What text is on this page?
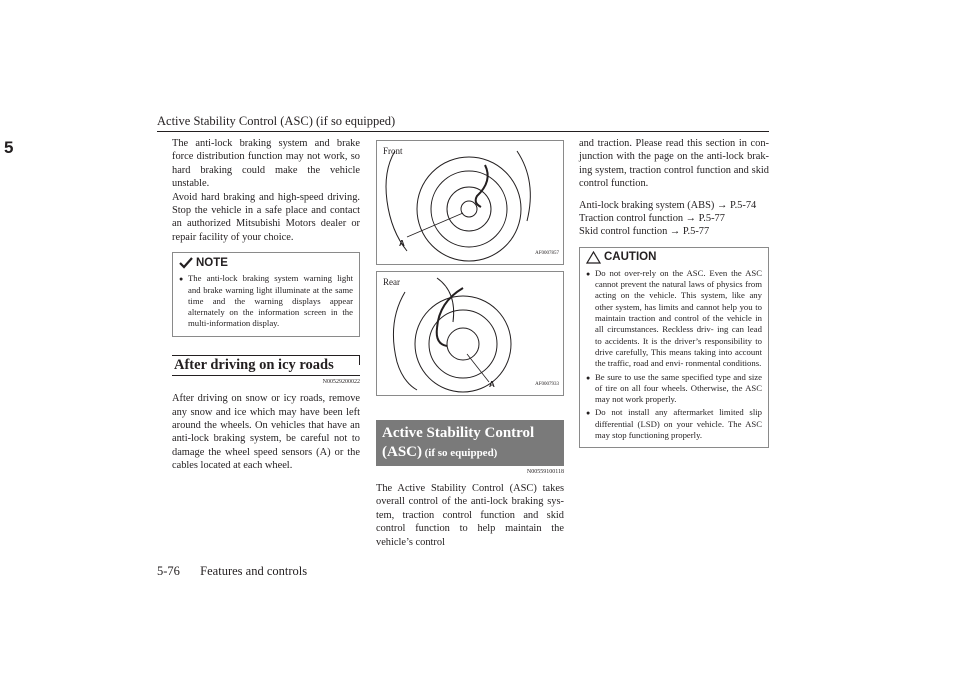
Active Stability Control (ASC) (if so equipped)
5	The anti-lock braking system and brake force distribution function may not work, so hard braking could make the vehicle unstable.

Avoid hard braking and high-speed driving. Stop the vehicle in a safe place and contact an authorized Mitsubishi Motors dealer or repair facility of your choice.

NOTE
● The anti-lock braking system warning light and brake warning light illuminate at the same time and the warning displays appear alternately on the information screen in the multi-information display.
After driving on icy roads
N00529200022

After driving on snow or icy roads, remove any snow and ice which may have been left around the wheels. On vehicles that have an anti-lock braking system, be careful not to damage the wheel speed sensors (A) or the cables located at each wheel.

Front
A
AF0007857
Rear
A	AF0007933
Active Stability Control (ASC) (if so equipped)
N00559100118

The Active Stability Control (ASC) takes overall control of the anti-lock braking sys- tem, traction control function and skid control function to help maintain the vehicle’s control

and traction. Please read this section in con- junction with the page on the anti-lock brak- ing system, traction control function and skid control function.

Anti-lock braking system (ABS) → P.5-74

Traction control function → P.5-77

Skid control function → P.5-77

CAUTION
● Do not over-rely on the ASC. Even the ASC cannot prevent the natural laws of physics from acting on the vehicle. This system, like any other system, has limits and cannot help you to maintain traction and control of the vehicle in all circumstances. Reckless driv- ing can lead to accidents. It is the driver’s responsibility to drive carefully, This means taking into account the traffic, road and envi- ronmental conditions.
● Be sure to use the same specified type and size of tire on all four wheels. Otherwise, the ASC may not work properly.
● Do not install any aftermarket limited slip differential (LSD) on your vehicle. The ASC may stop functioning properly.
5-76 Features and controls
